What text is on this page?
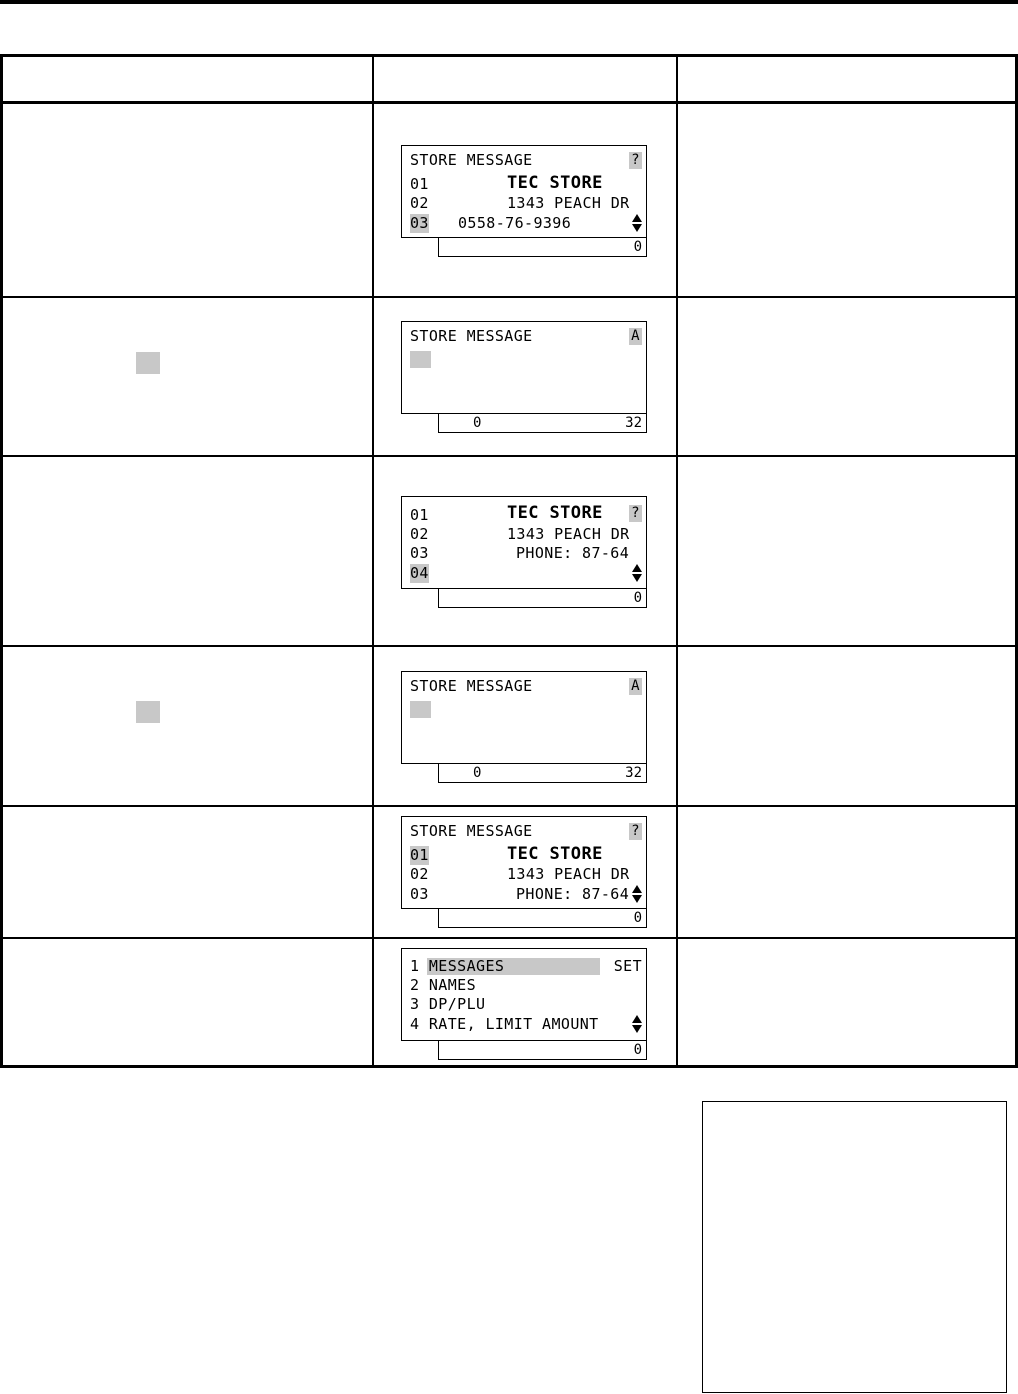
STORE MESSAGE	?
01	TEC STORE
02	1343 PEACH DR
03 0558-76-9396
0
STORE MESSAGE	A
0	32
01	TEC STORE ?
02	1343 PEACH DR
03	PHONE: 87-64
04
0
STORE MESSAGE	A
0	32
STORE MESSAGE	?
01	TEC STORE
02	1343 PEACH DR
03	PHONE: 87-64
0
1 MESSAGES	SET
2 NAMES
3 DP/PLU
4 RATE, LIMIT AMOUNT
0
